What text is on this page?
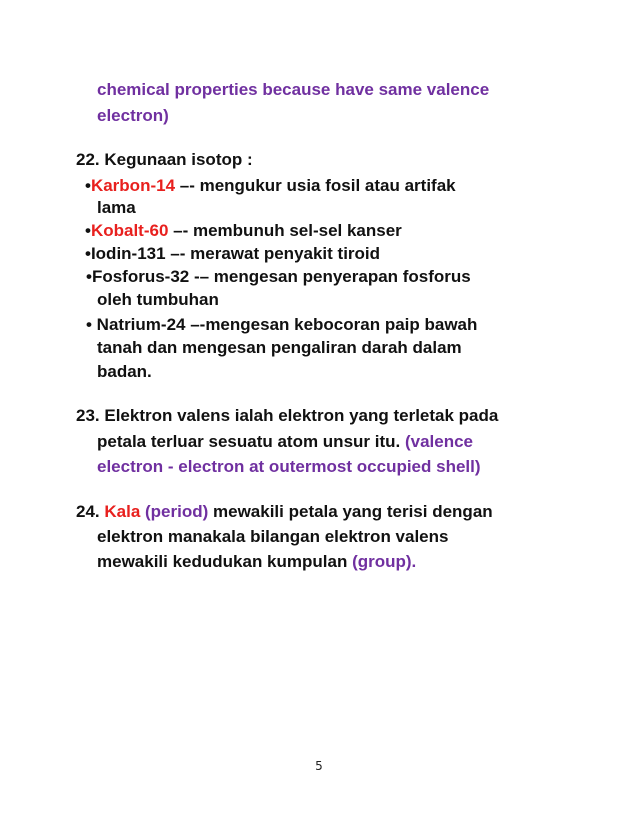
chemical properties because have same valence
electron)
22. Kegunaan isotop :
•Karbon-14 –- mengukur usia fosil atau artifak
lama
•Kobalt-60 –- membunuh sel-sel kanser
•Iodin-131 –- merawat penyakit tiroid
•Fosforus-32 -– mengesan penyerapan fosforus
oleh tumbuhan
• Natrium-24 –-mengesan kebocoran paip bawah
tanah dan mengesan pengaliran darah dalam
badan.
23. Elektron valens ialah elektron yang terletak pada
petala terluar sesuatu atom unsur itu. (valence
electron - electron at outermost occupied shell)
24. Kala (period) mewakili petala yang terisi dengan
elektron manakala bilangan elektron valens
mewakili kedudukan kumpulan (group).
5
